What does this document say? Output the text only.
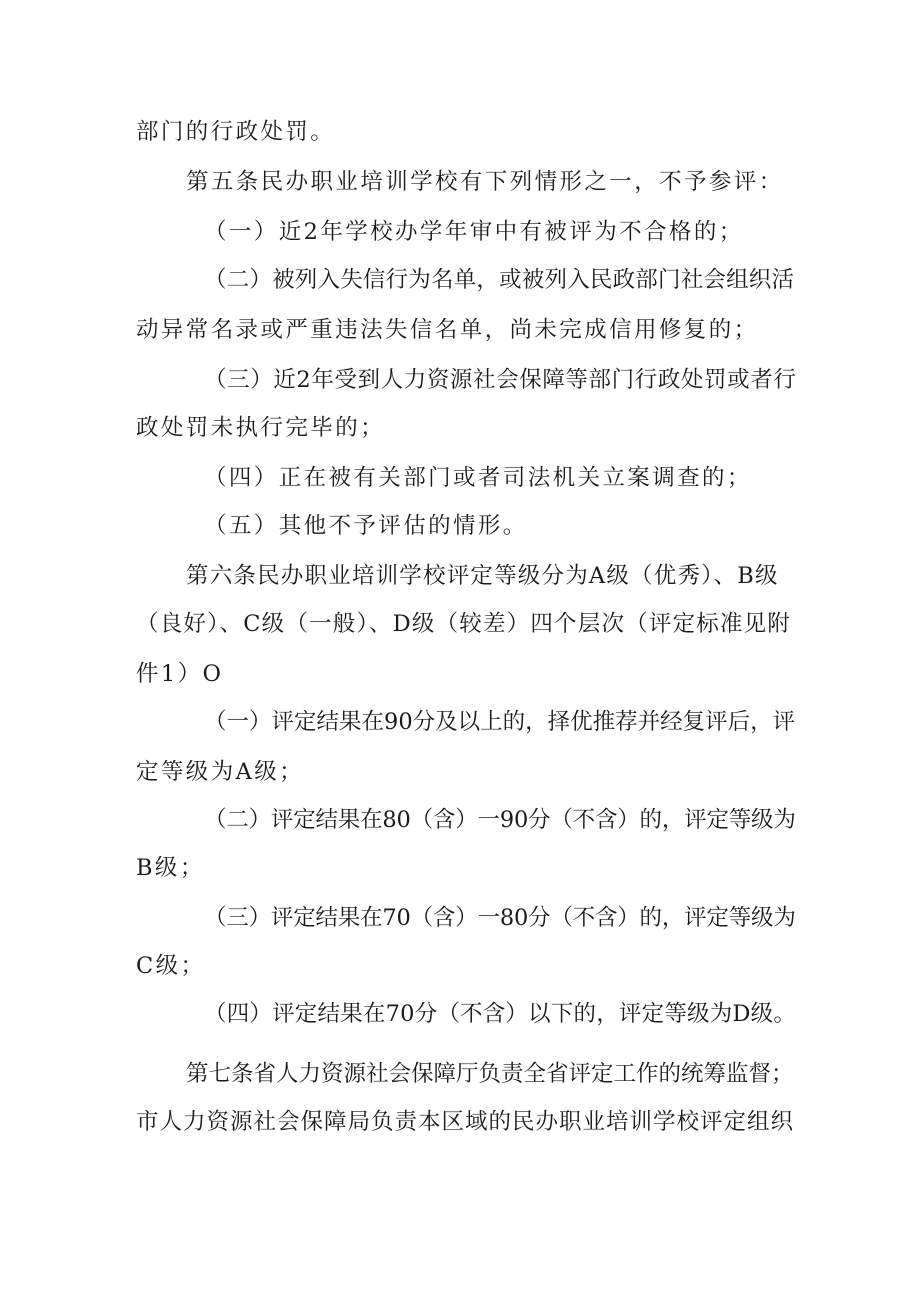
部门的行政处罚。
第五条民办职业培训学校有下列情形之一，不予参评：
（一）近2年学校办学年审中有被评为不合格的；
（二）被列入失信行为名单，或被列入民政部门社会组织活
动异常名录或严重违法失信名单，尚未完成信用修复的；
（三）近2年受到人力资源社会保障等部门行政处罚或者行
政处罚未执行完毕的；
（四）正在被有关部门或者司法机关立案调查的；
（五）其他不予评估的情形。
第六条民办职业培训学校评定等级分为A级（优秀）、B级
（良好）、C级（一般）、D级（较差）四个层次（评定标准见附
件1）O
（一）评定结果在90分及以上的，择优推荐并经复评后，评
定等级为A级；
（二）评定结果在80（含）一90分（不含）的，评定等级为
B级；
（三）评定结果在70（含）一80分（不含）的，评定等级为
C级；
（四）评定结果在70分（不含）以下的，评定等级为D级。
第七条省人力资源社会保障厅负责全省评定工作的统筹监督；
市人力资源社会保障局负责本区域的民办职业培训学校评定组织
